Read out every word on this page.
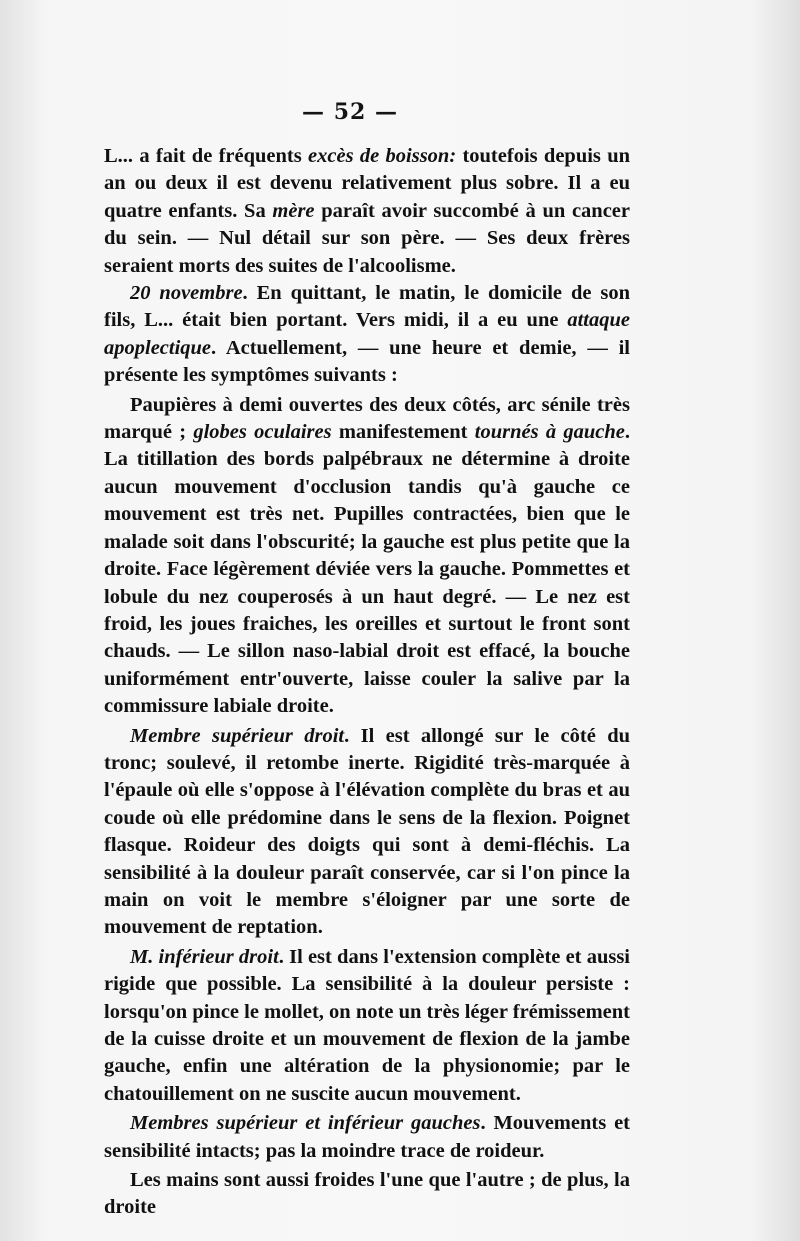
— 52 —

L... a fait de fréquents excès de boisson: toutefois depuis un an ou deux il est devenu relativement plus sobre. Il a eu quatre enfants. Sa mère paraît avoir succombé à un cancer du sein. — Nul détail sur son père. — Ses deux frères seraient morts des suites de l'alcoolisme.

20 novembre. En quittant, le matin, le domicile de son fils, L... était bien portant. Vers midi, il a eu une attaque apoplectique. Actuellement, — une heure et demie, — il présente les symptômes suivants :

Paupières à demi ouvertes des deux côtés, arc sénile très marqué ; globes oculaires manifestement tournés à gauche. La titillation des bords palpébraux ne détermine à droite aucun mouvement d'occlusion tandis qu'à gauche ce mouvement est très net. Pupilles contractées, bien que le malade soit dans l'obscurité; la gauche est plus petite que la droite. Face légèrement déviée vers la gauche. Pommettes et lobule du nez couperosés à un haut degré. — Le nez est froid, les joues fraiches, les oreilles et surtout le front sont chauds. — Le sillon naso-labial droit est effacé, la bouche uniformément entr'ouverte, laisse couler la salive par la commissure labiale droite.

Membre supérieur droit. Il est allongé sur le côté du tronc; soulevé, il retombe inerte. Rigidité très-marquée à l'épaule où elle s'oppose à l'élévation complète du bras et au coude où elle prédomine dans le sens de la flexion. Poignet flasque. Roideur des doigts qui sont à demi-fléchis. La sensibilité à la douleur paraît conservée, car si l'on pince la main on voit le membre s'éloigner par une sorte de mouvement de reptation.

M. inférieur droit. Il est dans l'extension complète et aussi rigide que possible. La sensibilité à la douleur persiste : lorsqu'on pince le mollet, on note un très léger frémissement de la cuisse droite et un mouvement de flexion de la jambe gauche, enfin une altération de la physionomie; par le chatouillement on ne suscite aucun mouvement.

Membres supérieur et inférieur gauches. Mouvements et sensibilité intacts; pas la moindre trace de roideur.

Les mains sont aussi froides l'une que l'autre ; de plus, la droite
